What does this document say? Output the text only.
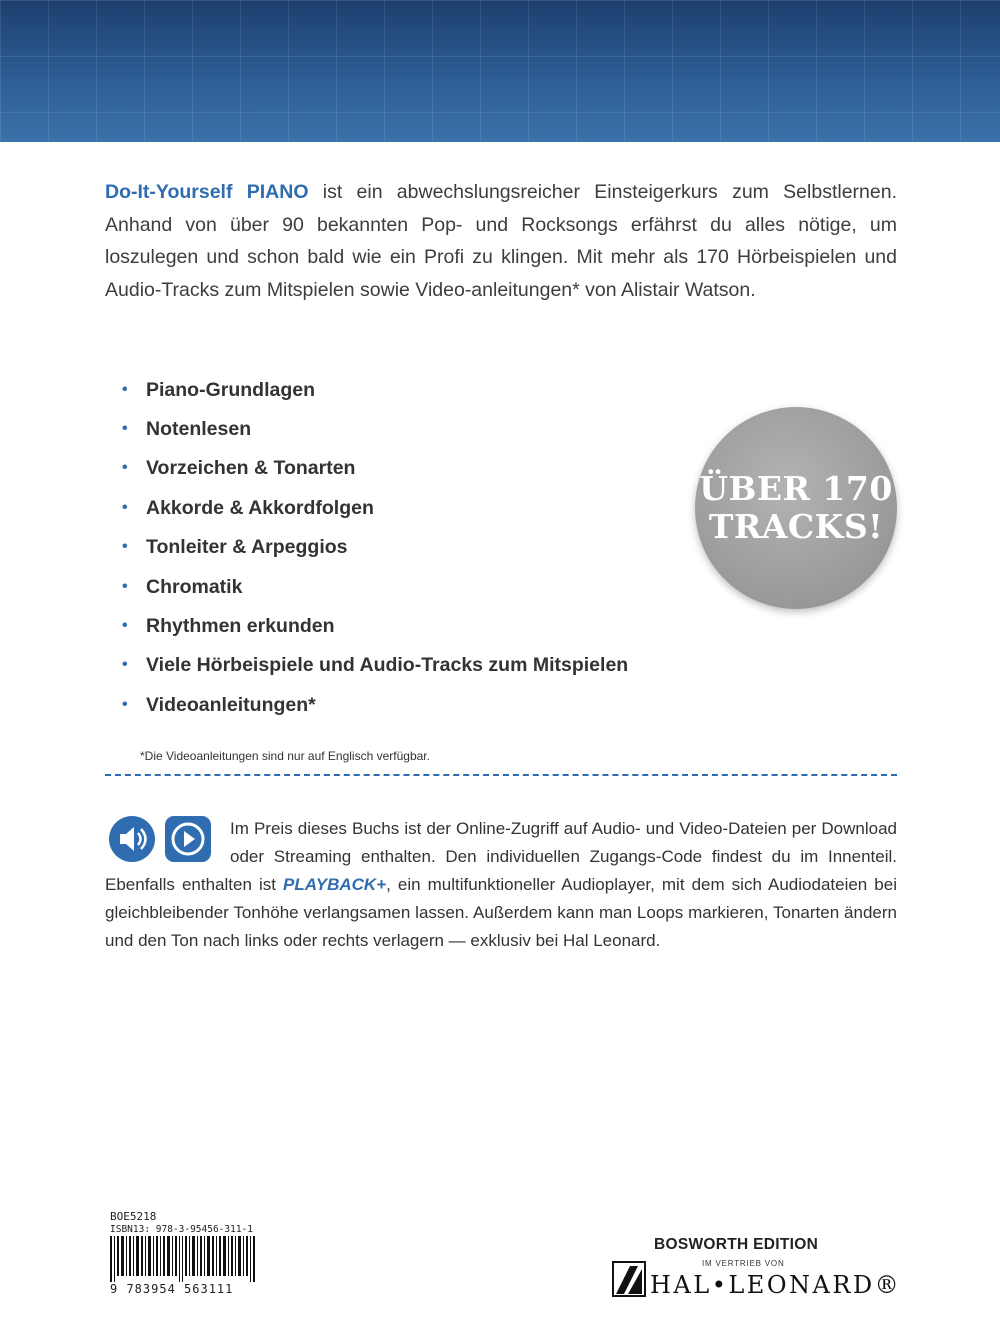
Do-It-Yourself PIANO ist ein abwechslungsreicher Einsteigerkurs zum Selbstlernen. Anhand von über 90 bekannten Pop- und Rocksongs erfährst du alles nötige, um loszulegen und schon bald wie ein Profi zu klingen. Mit mehr als 170 Hörbeispielen und Audio-Tracks zum Mitspielen sowie Video-anleitungen* von Alistair Watson.
• Piano-Grundlagen
• Notenlesen
• Vorzeichen & Tonarten
• Akkorde & Akkordfolgen
• Tonleiter & Arpeggios
• Chromatik
• Rhythmen erkunden
• Viele Hörbeispiele und Audio-Tracks zum Mitspielen
• Videoanleitungen*
ÜBER 170
TRACKS!
*Die Videoanleitungen sind nur auf Englisch verfügbar.
Im Preis dieses Buchs ist der Online-Zugriff auf Audio- und Video-Dateien per Download oder Streaming enthalten. Den individuellen Zugangs-Code findest du im Innenteil. Ebenfalls enthalten ist PLAYBACK+, ein multifunktioneller Audioplayer, mit dem sich Audiodateien bei gleichbleibender Tonhöhe verlangsamen lassen. Außerdem kann man Loops markieren, Tonarten ändern und den Ton nach links oder rechts verlagern — exklusiv bei Hal Leonard.
BOE5218
ISBN13: 978-3-95456-311-1
9 783954 563111
BOSWORTH EDITION
IM VERTRIEB VON
HAL•LEONARD®
